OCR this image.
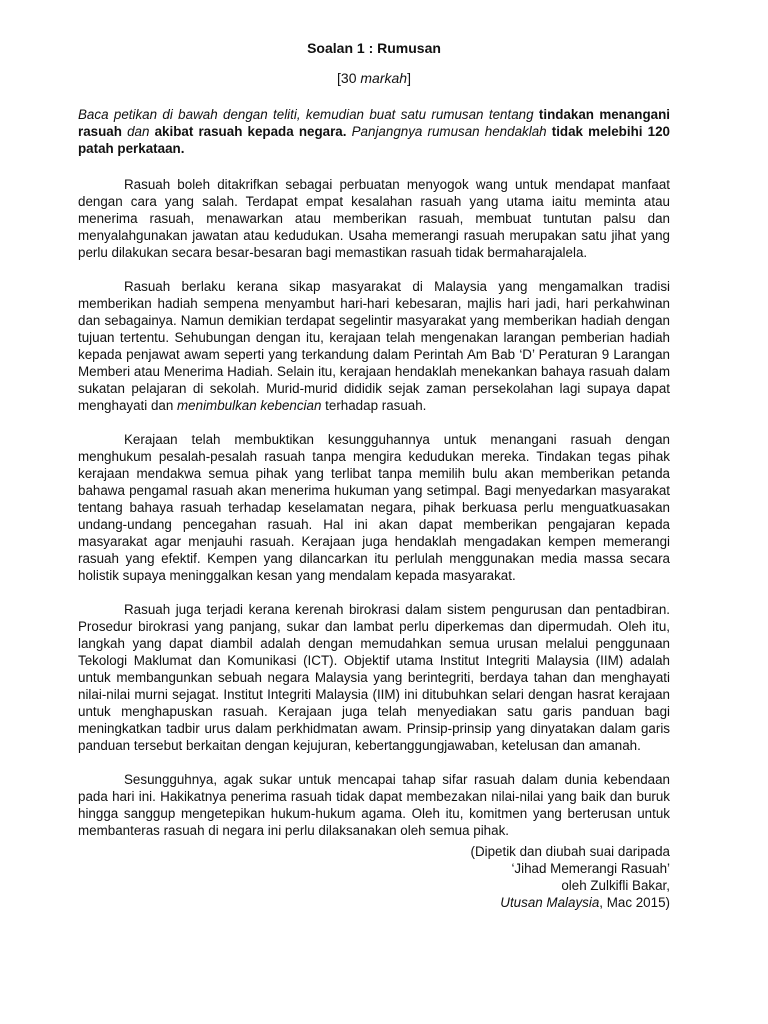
Soalan 1 : Rumusan
[30 markah]
Baca petikan di bawah dengan teliti, kemudian buat satu rumusan tentang tindakan menangani rasuah dan akibat rasuah kepada negara. Panjangnya rumusan hendaklah tidak melebihi 120 patah perkataan.
Rasuah boleh ditakrifkan sebagai perbuatan menyogok wang untuk mendapat manfaat dengan cara yang salah. Terdapat empat kesalahan rasuah yang utama iaitu meminta atau menerima rasuah, menawarkan atau memberikan rasuah, membuat tuntutan palsu dan menyalahgunakan jawatan atau kedudukan. Usaha memerangi rasuah merupakan satu jihat yang perlu dilakukan secara besar-besaran bagi memastikan rasuah tidak bermaharajalela.
Rasuah berlaku kerana sikap masyarakat di Malaysia yang mengamalkan tradisi memberikan hadiah sempena menyambut hari-hari kebesaran, majlis hari jadi, hari perkahwinan dan sebagainya. Namun demikian terdapat segelintir masyarakat yang memberikan hadiah dengan tujuan tertentu. Sehubungan dengan itu, kerajaan telah mengenakan larangan pemberian hadiah kepada penjawat awam seperti yang terkandung dalam Perintah Am Bab ‘D’ Peraturan 9 Larangan Memberi atau Menerima Hadiah. Selain itu, kerajaan hendaklah menekankan bahaya rasuah dalam sukatan pelajaran di sekolah. Murid-murid dididik sejak zaman persekolahan lagi supaya dapat menghayati dan menimbulkan kebencian terhadap rasuah.
Kerajaan telah membuktikan kesungguhannya untuk menangani rasuah dengan menghukum pesalah-pesalah rasuah tanpa mengira kedudukan mereka. Tindakan tegas pihak kerajaan mendakwa semua pihak yang terlibat tanpa memilih bulu akan memberikan petanda bahawa pengamal rasuah akan menerima hukuman yang setimpal. Bagi menyedarkan masyarakat tentang bahaya rasuah terhadap keselamatan negara, pihak berkuasa perlu menguatkuasakan undang-undang pencegahan rasuah. Hal ini akan dapat memberikan pengajaran kepada masyarakat agar menjauhi rasuah. Kerajaan juga hendaklah mengadakan kempen memerangi rasuah yang efektif. Kempen yang dilancarkan itu perlulah menggunakan media massa secara holistik supaya meninggalkan kesan yang mendalam kepada masyarakat.
Rasuah juga terjadi kerana kerenah birokrasi dalam sistem pengurusan dan pentadbiran. Prosedur birokrasi yang panjang, sukar dan lambat perlu diperkemas dan dipermudah. Oleh itu, langkah yang dapat diambil adalah dengan memudahkan semua urusan melalui penggunaan Tekologi Maklumat dan Komunikasi (ICT). Objektif utama Institut Integriti Malaysia (IIM) adalah untuk membangunkan sebuah negara Malaysia yang berintegriti, berdaya tahan dan menghayati nilai-nilai murni sejagat. Institut Integriti Malaysia (IIM) ini ditubuhkan selari dengan hasrat kerajaan untuk menghapuskan rasuah. Kerajaan juga telah menyediakan satu garis panduan bagi meningkatkan tadbir urus dalam perkhidmatan awam. Prinsip-prinsip yang dinyatakan dalam garis panduan tersebut berkaitan dengan kejujuran, kebertanggungjawaban, ketelusan dan amanah.
Sesungguhnya, agak sukar untuk mencapai tahap sifar rasuah dalam dunia kebendaan pada hari ini. Hakikatnya penerima rasuah tidak dapat membezakan nilai-nilai yang baik dan buruk hingga sanggup mengetepikan hukum-hukum agama. Oleh itu, komitmen yang berterusan untuk membanteras rasuah di negara ini perlu dilaksanakan oleh semua pihak.
(Dipetik dan diubah suai daripada
‘Jihad Memerangi Rasuah’
oleh Zulkifli Bakar,
Utusan Malaysia, Mac 2015)
